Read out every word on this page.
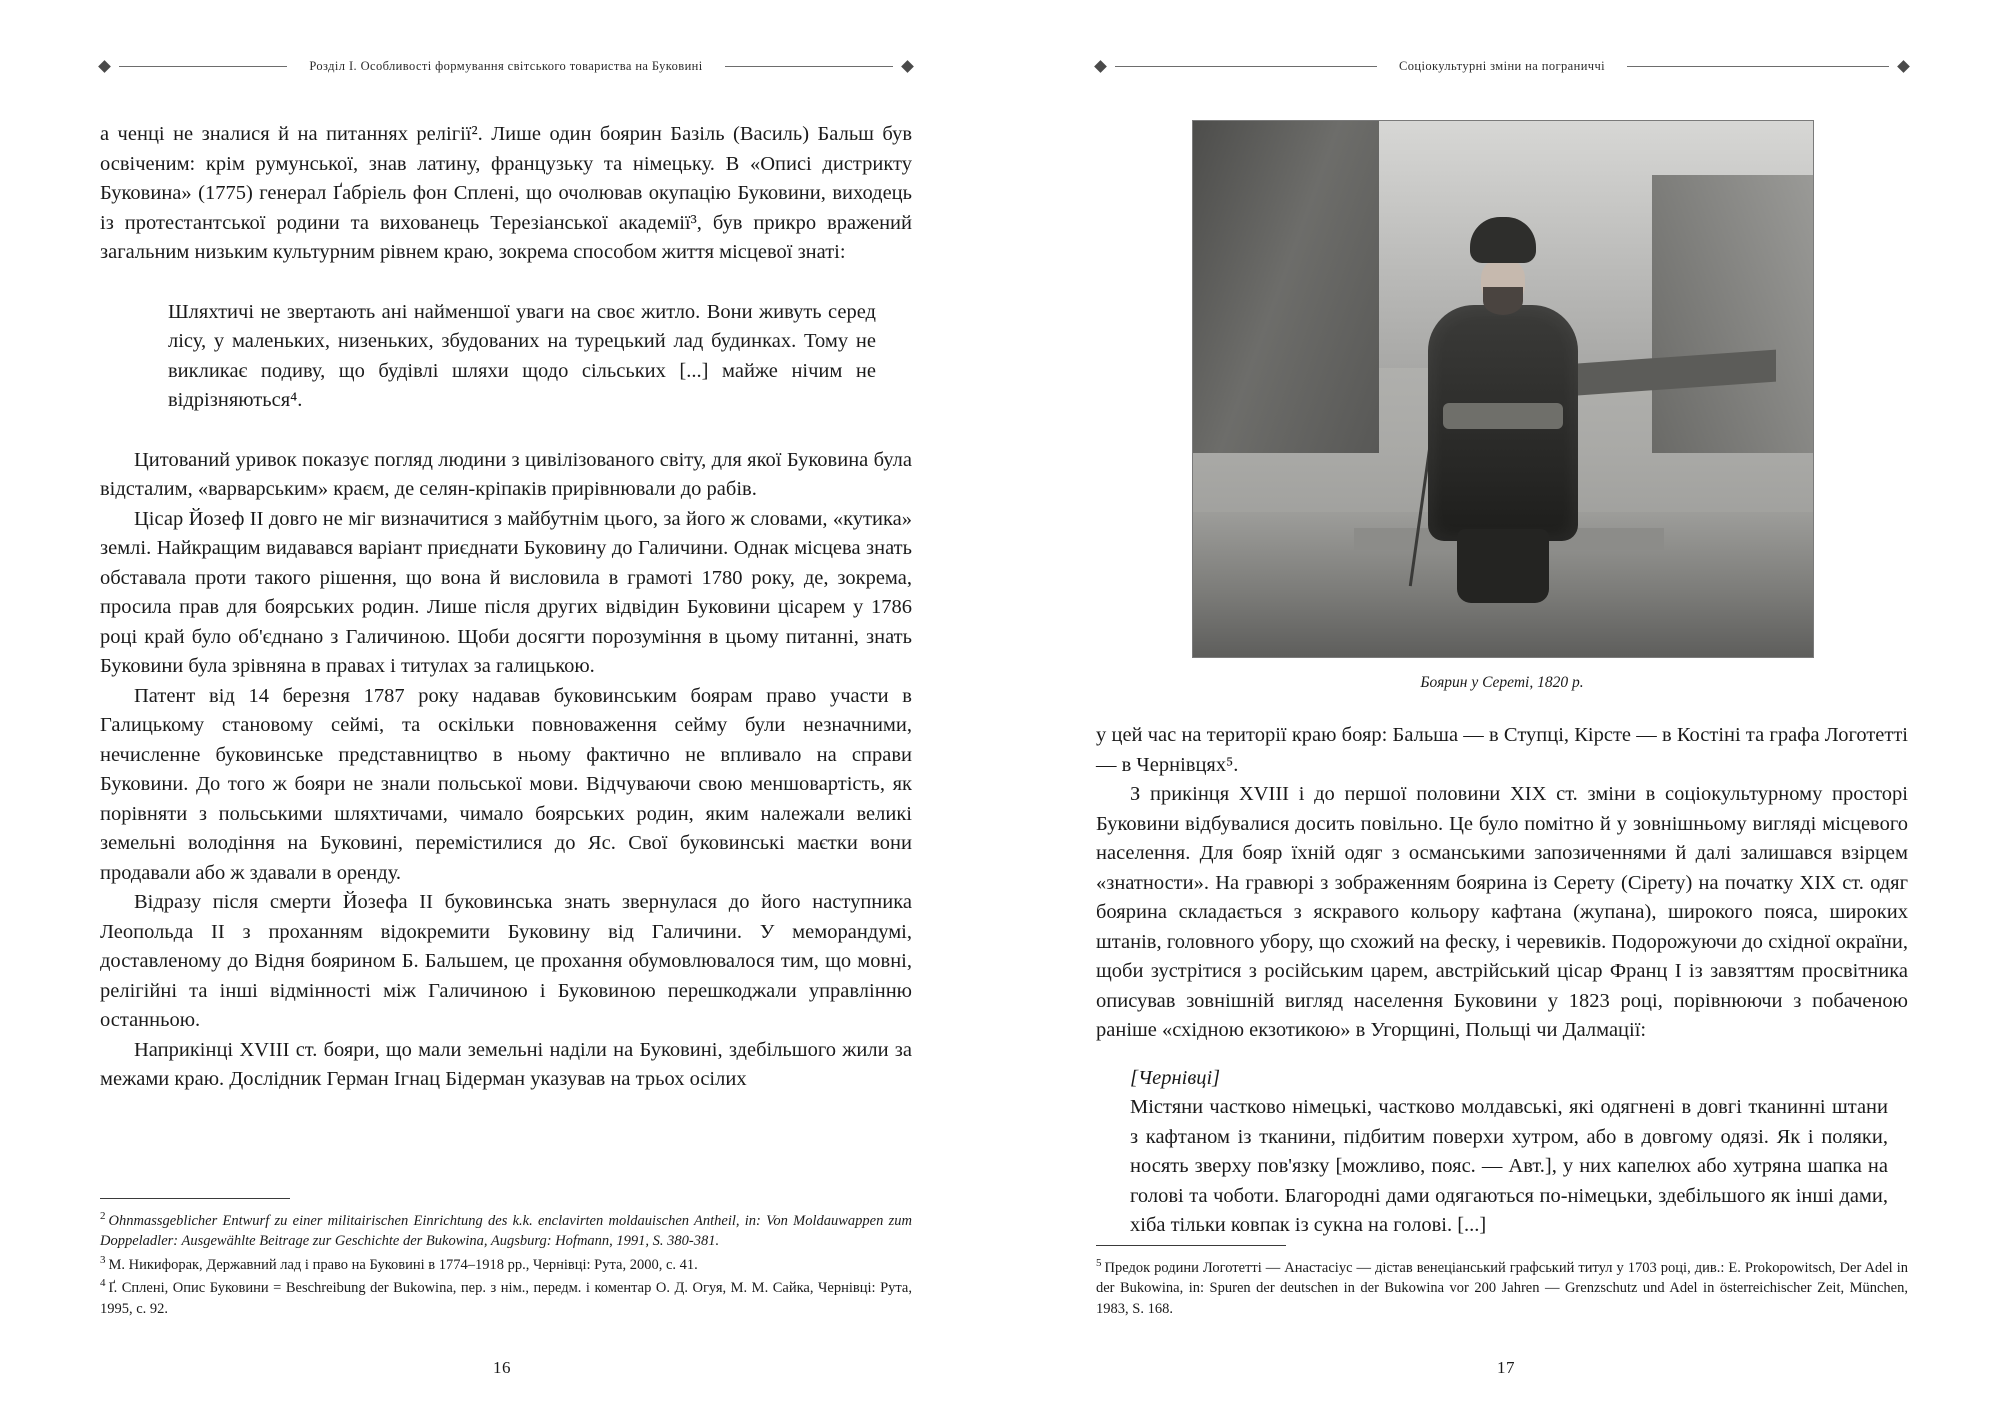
Розділ I. Особливості формування світського товариства на Буковині

а ченці не зналися й на питаннях релігії². Лише один боярин Базіль (Василь) Бальш був освіченим: крім румунської, знав латину, французьку та німецьку. В «Описі дистрикту Буковина» (1775) генерал Ґабріель фон Сплені, що очолював окупацію Буковини, виходець із протестантської родини та вихованець Терезіанської академії³, був прикро вражений загальним низьким культурним рівнем краю, зокрема способом життя місцевої знаті:

Шляхтичі не звертають ані найменшої уваги на своє житло. Вони живуть серед лісу, у маленьких, низеньких, збудованих на турецький лад будинках. Тому не викликає подиву, що будівлі шляхи щодо сільських [...] майже нічим не відрізняються⁴.

Цитований уривок показує погляд людини з цивілізованого світу, для якої Буковина була відсталим, «варварським» краєм, де селян-кріпаків прирівнювали до рабів.

Цісар Йозеф II довго не міг визначитися з майбутнім цього, за його ж словами, «кутика» землі. Найкращим видавався варіант приєднати Буковину до Галичини. Однак місцева знать обставала проти такого рішення, що вона й висловила в грамоті 1780 року, де, зокрема, просила прав для боярських родин. Лише після других відвідин Буковини цісарем у 1786 році край було об'єднано з Галичиною. Щоби досягти порозуміння в цьому питанні, знать Буковини була зрівняна в правах і титулах за галицькою.

Патент від 14 березня 1787 року надавав буковинським боярам право участи в Галицькому становому сеймі, та оскільки повноваження сейму були незначними, нечисленне буковинське представництво в ньому фактично не впливало на справи Буковини. До того ж бояри не знали польської мови. Відчуваючи свою меншовартість, як порівняти з польськими шляхтичами, чимало боярських родин, яким належали великі земельні володіння на Буковині, перемістилися до Яс. Свої буковинські маєтки вони продавали або ж здавали в оренду.

Відразу після смерти Йозефа II буковинська знать звернулася до його наступника Леопольда II з проханням відокремити Буковину від Галичини. У меморандумі, доставленому до Відня боярином Б. Бальшем, це прохання обумовлювалося тим, що мовні, релігійні та інші відмінності між Галичиною і Буковиною перешкоджали управлінню останньою.

Наприкінці XVIII ст. бояри, що мали земельні наділи на Буковині, здебільшого жили за межами краю. Дослідник Герман Ігнац Бідерман указував на трьох осілих

$^2$ Ohnmassgeblicher Entwurf zu einer militairischen Einrichtung des k.k. enclavirten moldauischen Antheil, in: Von Moldauwappen zum Doppeladler: Ausgewählte Beitrage zur Geschichte der Bukowina, Augsburg: Hofmann, 1991, S. 380-381.

$^3$ М. Никифорак, Державний лад і право на Буковині в 1774–1918 рр., Чернівці: Рута, 2000, с. 41.

$^4$ Ґ. Сплені, Опис Буковини = Beschreibung der Bukowina, пер. з нім., передм. і коментар О. Д. Огуя, М. М. Сайка, Чернівці: Рута, 1995, с. 92.

16
Соціокультурні зміни на пограниччі
Боярин у Сереті, 1820 р.

у цей час на території краю бояр: Бальша — в Ступці, Кірсте — в Костіні та графа Логотетті — в Чернівцях⁵.

З прикінця XVIII і до першої половини XIX ст. зміни в соціокультурному просторі Буковини відбувалися досить повільно. Це було помітно й у зовнішньому вигляді місцевого населення. Для бояр їхній одяг з османськими запозиченнями й далі залишався взірцем «знатности». На гравюрі з зображенням боярина із Серету (Сірету) на початку XIX ст. одяг боярина складається з яскравого кольору кафтана (жупана), широкого пояса, широких штанів, головного убору, що схожий на феску, і черевиків. Подорожуючи до східної окраїни, щоби зустрітися з російським царем, австрійський цісар Франц I із завзяттям просвітника описував зовнішній вигляд населення Буковини у 1823 році, порівнюючи з побаченою раніше «східною екзотикою» в Угорщині, Польщі чи Далмації:

[Чернівці]

Містяни частково німецькі, частково молдавські, які одягнені в довгі тканинні штани з кафтаном із тканини, підбитим поверхи хутром, або в довгому одязі. Як і поляки, носять зверху пов'язку [можливо, пояс. — Авт.], у них капелюх або хутряна шапка на голові та чоботи. Благородні дами одягаються по-німецьки, здебільшого як інші дами, хіба тільки ковпак із сукна на голові. [...]

$^5$ Предок родини Логотетті — Анастасіус — дістав венеціанський графський титул у 1703 році, див.: E. Prokopowitsch, Der Adel in der Bukowina, in: Spuren der deutschen in der Bukowina vor 200 Jahren — Grenzschutz und Adel in österreichischer Zeit, München, 1983, S. 168.

17
